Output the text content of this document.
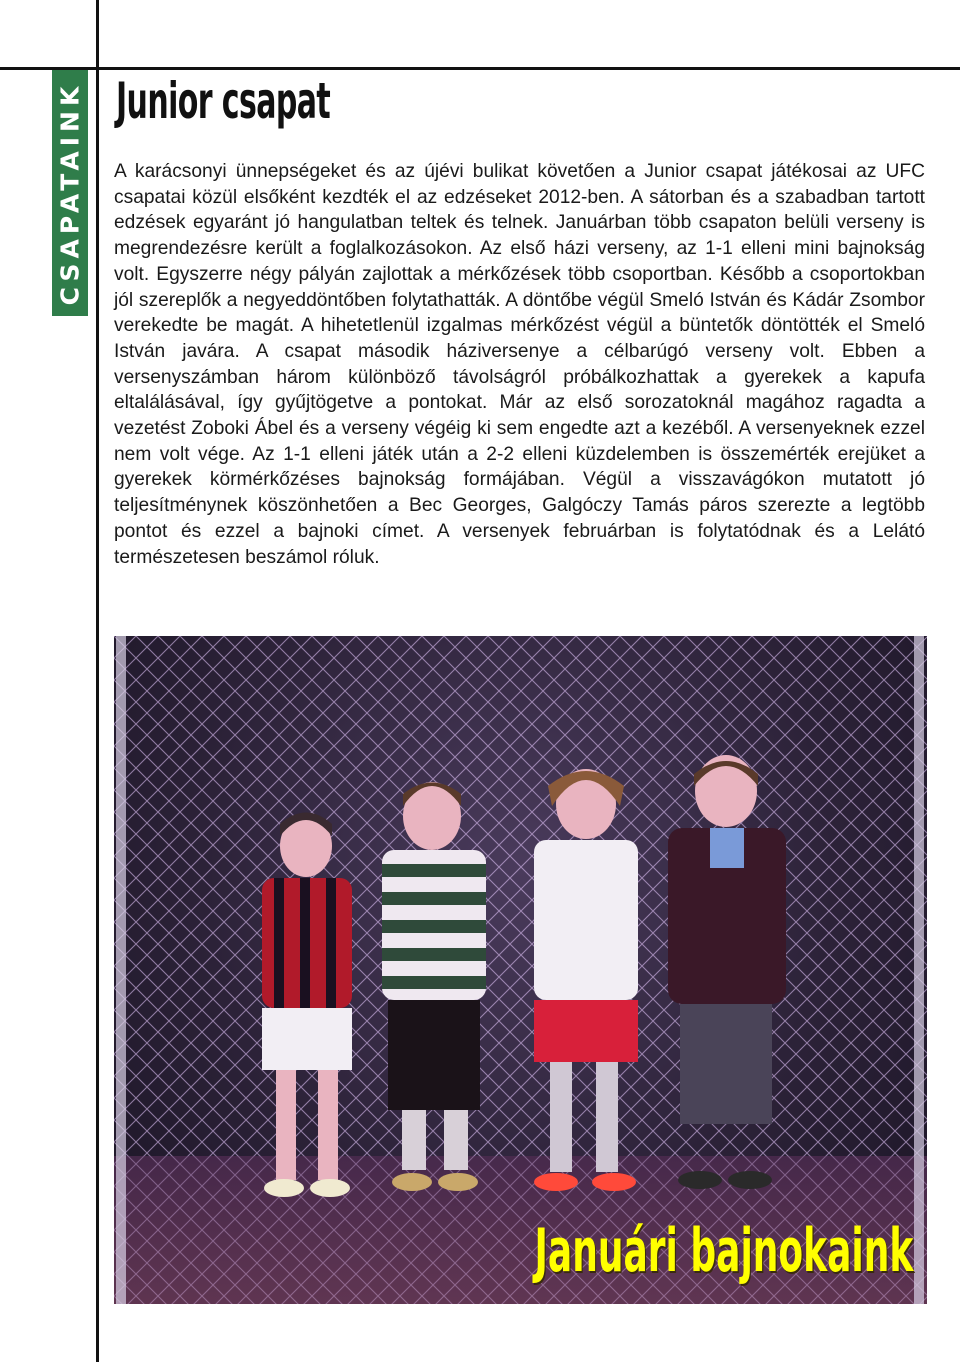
CSAPATAINK Junior csapat

A karácsonyi ünnepségeket és az újévi bulikat követően a Junior csapat játékosai az UFC csapatai közül elsőként kezdték el az edzéseket 2012-ben. A sátorban és a szabadban tartott edzések egyaránt jó hangulatban teltek és telnek. Januárban több csapaton belüli verseny is megrendezésre került a foglalkozásokon. Az első házi verseny, az 1-1 elleni mini bajnokság volt. Egyszerre négy pályán zajlottak a mérkőzések több csoportban. Később a csoportokban jól szereplők a negyeddöntőben folytathatták. A döntőbe végül Smeló István és Kádár Zsombor verekedte be magát. A hihetetlenül izgalmas mérkőzést végül a büntetők döntötték el Smeló István javára. A csapat második háziversenye a célbarúgó verseny volt. Ebben a versenyszámban három különböző távolságról próbálkozhattak a gyerekek a kapufa eltalálásával, így gyűjtögetve a pontokat. Már az első sorozatoknál magához ragadta a vezetést Zoboki Ábel és a verseny végéig ki sem engedte azt a kezéből. A versenyeknek ezzel nem volt vége. Az 1-1 elleni játék után a 2-2 elleni küzdelemben is összemérték erejüket a gyerekek körmérkőzéses bajnokság formájában. Végül a visszavágókon mutatott jó teljesítménynek köszönhetően a Bec Georges, Galgóczy Tamás páros szerezte a legtöbb pontot és ezzel a bajnoki címet. A versenyek februárban is folytatódnak és a Lelátó természetesen beszámol róluk.

Januári bajnokaink
